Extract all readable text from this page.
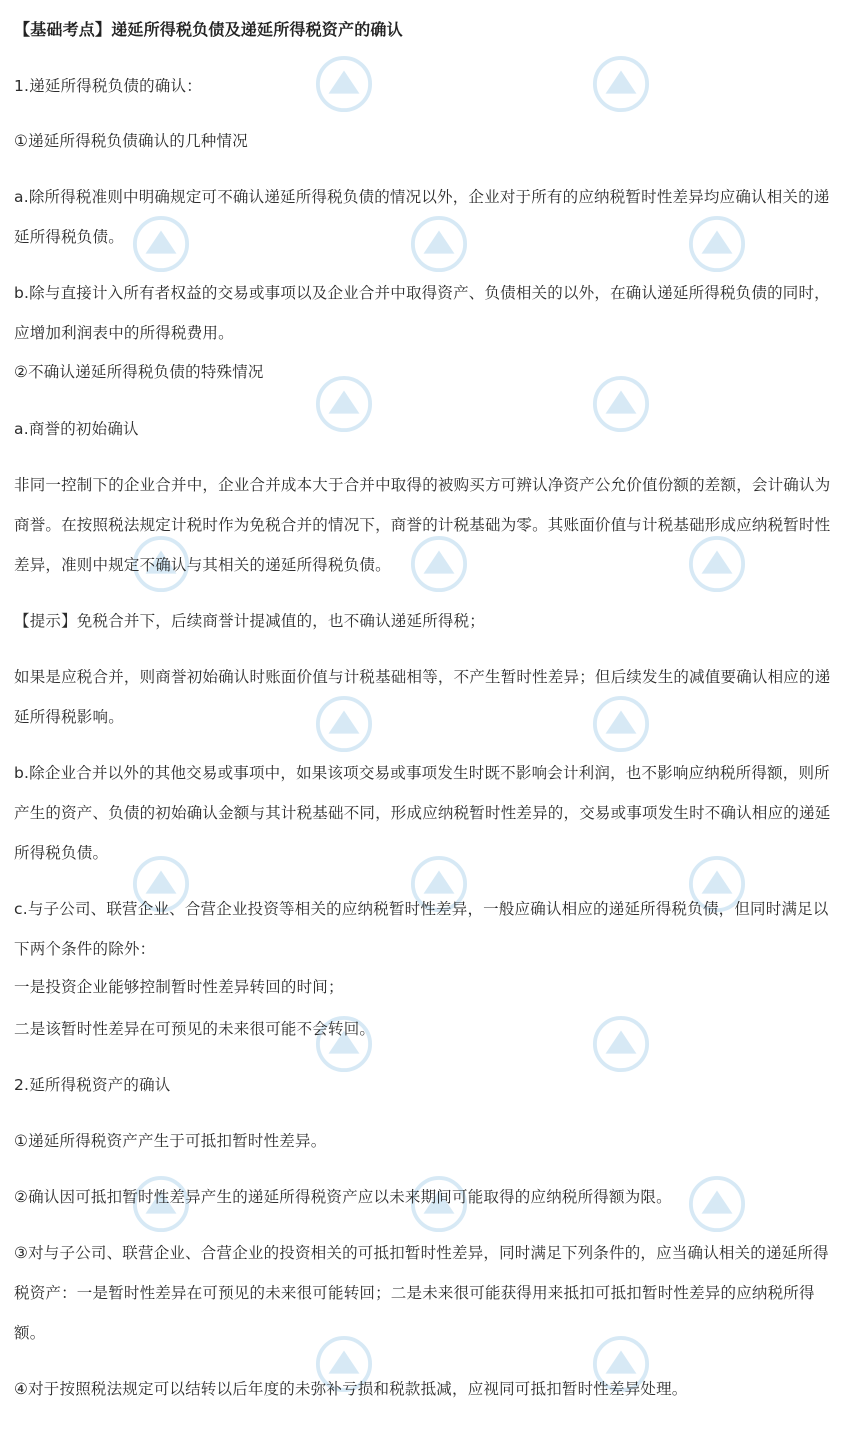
【基础考点】递延所得税负债及递延所得税资产的确认
1.递延所得税负债的确认：
①递延所得税负债确认的几种情况
a.除所得税准则中明确规定可不确认递延所得税负债的情况以外，企业对于所有的应纳税暂时性差异均应确认相关的递
延所得税负债。
b.除与直接计入所有者权益的交易或事项以及企业合并中取得资产、负债相关的以外，在确认递延所得税负债的同时，
应增加利润表中的所得税费用。
②不确认递延所得税负债的特殊情况
a.商誉的初始确认
非同一控制下的企业合并中，企业合并成本大于合并中取得的被购买方可辨认净资产公允价值份额的差额，会计确认为
商誉。在按照税法规定计税时作为免税合并的情况下，商誉的计税基础为零。其账面价值与计税基础形成应纳税暂时性
差异，准则中规定不确认与其相关的递延所得税负债。
【提示】免税合并下，后续商誉计提减值的，也不确认递延所得税；
如果是应税合并，则商誉初始确认时账面价值与计税基础相等，不产生暂时性差异；但后续发生的减值要确认相应的递
延所得税影响。
b.除企业合并以外的其他交易或事项中，如果该项交易或事项发生时既不影响会计利润，也不影响应纳税所得额，则所
产生的资产、负债的初始确认金额与其计税基础不同，形成应纳税暂时性差异的，交易或事项发生时不确认相应的递延
所得税负债。
c.与子公司、联营企业、合营企业投资等相关的应纳税暂时性差异，一般应确认相应的递延所得税负债，但同时满足以
下两个条件的除外：
一是投资企业能够控制暂时性差异转回的时间；
二是该暂时性差异在可预见的未来很可能不会转回。
2.延所得税资产的确认
①递延所得税资产产生于可抵扣暂时性差异。
②确认因可抵扣暂时性差异产生的递延所得税资产应以未来期间可能取得的应纳税所得额为限。
③对与子公司、联营企业、合营企业的投资相关的可抵扣暂时性差异，同时满足下列条件的，应当确认相关的递延所得
税资产：一是暂时性差异在可预见的未来很可能转回；二是未来很可能获得用来抵扣可抵扣暂时性差异的应纳税所得
额。
④对于按照税法规定可以结转以后年度的未弥补亏损和税款抵减，应视同可抵扣暂时性差异处理。
